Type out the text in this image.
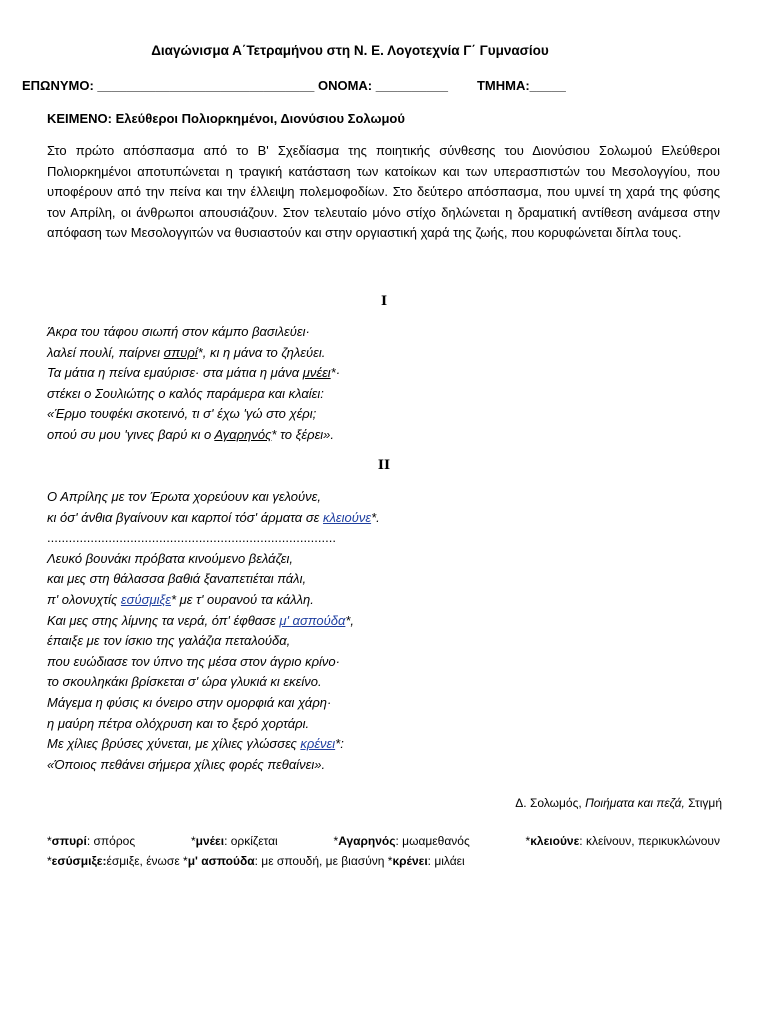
Διαγώνισμα Α΄Τετραμήνου στη Ν. Ε. Λογοτεχνία Γ΄ Γυμνασίου
ΕΠΩΝΥΜΟ: ______________________________ ΟΝΟΜΑ: __________ ΤΜΗΜΑ:_____
ΚΕΙΜΕΝΟ: Ελεύθεροι Πολιορκημένοι, Διονύσιου Σολωμού
Στο πρώτο απόσπασμα από το Β' Σχεδίασμα της ποιητικής σύνθεσης του Διονύσιου Σολωμού Ελεύθεροι Πολιορκημένοι αποτυπώνεται η τραγική κατάσταση των κατοίκων και των υπερασπιστών του Μεσολογγίου, που υποφέρουν από την πείνα και την έλλειψη πολεμοφοδίων. Στο δεύτερο απόσπασμα, που υμνεί τη χαρά της φύσης τον Απρίλη, οι άνθρωποι απουσιάζουν. Στον τελευταίο μόνο στίχο δηλώνεται η δραματική αντίθεση ανάμεσα στην απόφαση των Μεσολογγιτών να θυσιαστούν και στην οργιαστική χαρά της ζωής, που κορυφώνεται δίπλα τους.
I
Άκρα του τάφου σιωπή στον κάμπο βασιλεύει·
λαλεί πουλί, παίρνει σπυρί*, κι η μάνα το ζηλεύει.
Τα μάτια η πείνα εμαύρισε· στα μάτια η μάνα μνέει*·
στέκει ο Σουλιώτης ο καλός παράμερα και κλαίει:
«Έρμο τουφέκι σκοτεινό, τι σ' έχω 'γώ στο χέρι;
οπού συ μου 'γινες βαρύ κι ο Αγαρηνός* το ξέρει».
II
Ο Απρίλης με τον Έρωτα χορεύουν και γελούνε,
κι όσ' άνθια βγαίνουν και καρποί τόσ' άρματα σε κλειούνε*.
................................................................................
Λευκό βουνάκι πρόβατα κινούμενο βελάζει,
και μες στη θάλασσα βαθιά ξαναπετιέται πάλι,
π' ολονυχτίς εσύσμιξε* με τ' ουρανού τα κάλλη.
Και μες στης λίμνης τα νερά, όπ' έφθασε μ' ασπούδα*,
έπαιξε με τον ίσκιο της γαλάζια πεταλούδα,
που ευώδιασε τον ύπνο της μέσα στον άγριο κρίνο·
το σκουληκάκι βρίσκεται σ' ώρα γλυκιά κι εκείνο.
Μάγεμα η φύσις κι όνειρο στην ομορφιά και χάρη·
η μαύρη πέτρα ολόχρυση και το ξερό χορτάρι.
Με χίλιες βρύσες χύνεται, με χίλιες γλώσσες κρένει*:
«Όποιος πεθάνει σήμερα χίλιες φορές πεθαίνει».
Δ. Σολωμός, Ποιήματα και πεζά, Στιγμή
*σπυρί: σπόρος	*μνέει: ορκίζεται	*Αγαρηνός: μωαμεθανός	*κλειούνε: κλείνουν, περικυκλώνουν
*εσύσμιξε:έσμιξε, ένωσε *μ' ασπούδα: με σπουδή, με βιασύνη *κρένει: μιλάει
